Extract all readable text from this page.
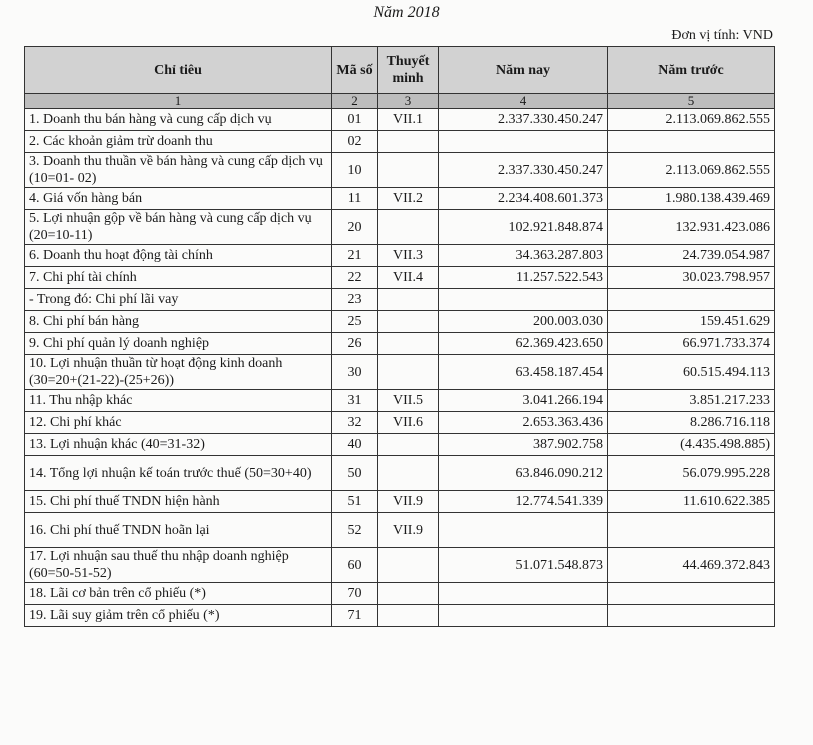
Năm 2018
Đơn vị tính: VND
Chỉ tiêu	Mã số	Thuyết minh	Năm nay	Năm trước
1	2	3	4	5
1. Doanh thu bán hàng và cung cấp dịch vụ	01	VII.1	2.337.330.450.247	2.113.069.862.555
2. Các khoản giảm trừ doanh thu	02			
3. Doanh thu thuần về bán hàng và cung cấp dịch vụ (10=01- 02)	10		2.337.330.450.247	2.113.069.862.555
4. Giá vốn hàng bán	11	VII.2	2.234.408.601.373	1.980.138.439.469
5. Lợi nhuận gộp về bán hàng và cung cấp dịch vụ (20=10-11)	20		102.921.848.874	132.931.423.086
6. Doanh thu hoạt động tài chính	21	VII.3	34.363.287.803	24.739.054.987
7. Chi phí tài chính	22	VII.4	11.257.522.543	30.023.798.957
- Trong đó: Chi phí lãi vay	23			
8. Chi phí bán hàng	25		200.003.030	159.451.629
9. Chi phí quản lý doanh nghiệp	26		62.369.423.650	66.971.733.374
10. Lợi nhuận thuần từ hoạt động kinh doanh (30=20+(21-22)-(25+26))	30		63.458.187.454	60.515.494.113
11. Thu nhập khác	31	VII.5	3.041.266.194	3.851.217.233
12. Chi phí khác	32	VII.6	2.653.363.436	8.286.716.118
13. Lợi nhuận khác (40=31-32)	40		387.902.758	(4.435.498.885)
14. Tổng lợi nhuận kế toán trước thuế (50=30+40)	50		63.846.090.212	56.079.995.228
15. Chi phí thuế TNDN hiện hành	51	VII.9	12.774.541.339	11.610.622.385
16. Chi phí thuế TNDN hoãn lại	52	VII.9		
17. Lợi nhuận sau thuế thu nhập doanh nghiệp (60=50-51-52)	60		51.071.548.873	44.469.372.843
18. Lãi cơ bản trên cổ phiếu (*)	70			
19. Lãi suy giảm trên cổ phiếu (*)	71			
